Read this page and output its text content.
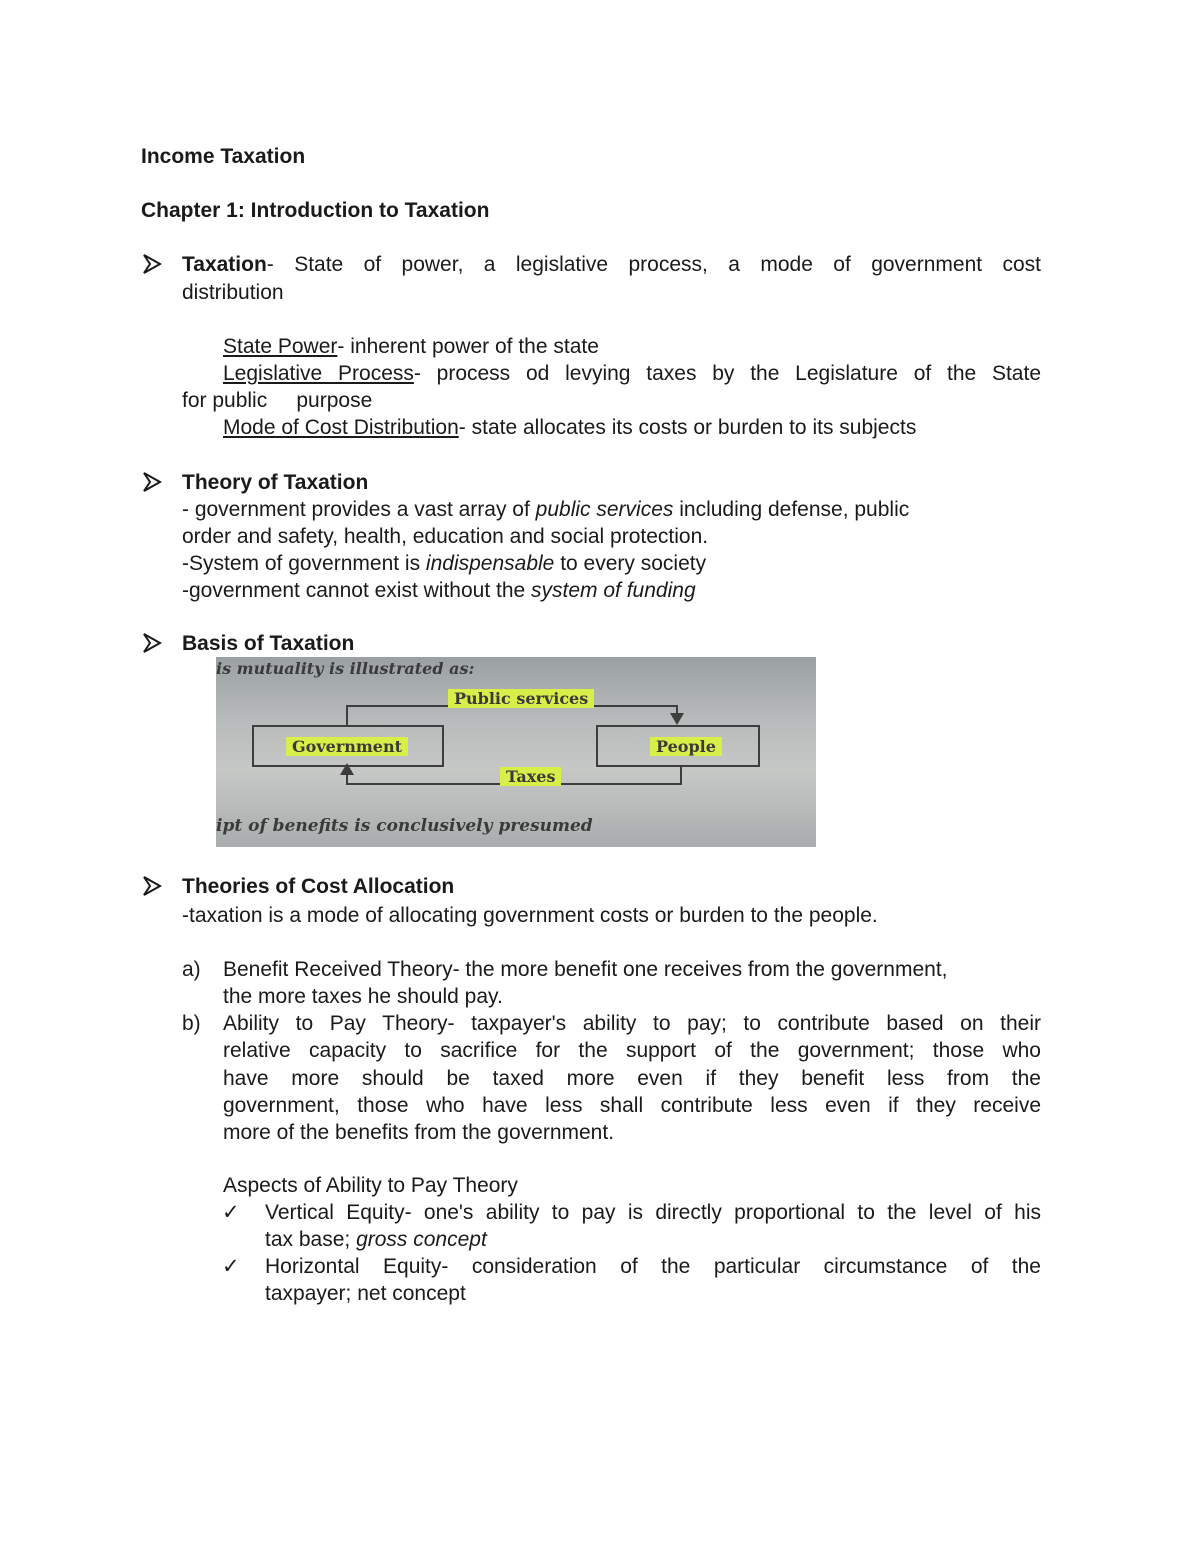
Income Taxation
Chapter 1: Introduction to Taxation
Taxation- State of power, a legislative process, a mode of government cost
distribution
State Power- inherent power of the state
Legislative Process- process od levying taxes by the Legislature of the State
for public     purpose
Mode of Cost Distribution- state allocates its costs or burden to its subjects
Theory of Taxation
- government provides a vast array of public services including defense, public
order and safety, health, education and social protection.
-System of government is indispensable to every society
-government cannot exist without the system of funding
Basis of Taxation
is mutuality is illustrated as:
Public services
Government	People
Taxes
ipt of benefits is conclusively presumed
Theories of Cost Allocation
-taxation is a mode of allocating government costs or burden to the people.
a) Benefit Received Theory- the more benefit one receives from the government,
the more taxes he should pay.
b) Ability to Pay Theory- taxpayer's ability to pay; to contribute based on their
relative capacity to sacrifice for the support of the government; those who
have more should be taxed more even if they benefit less from the
government, those who have less shall contribute less even if they receive
more of the benefits from the government.
Aspects of Ability to Pay Theory
✓ Vertical Equity- one's ability to pay is directly proportional to the level of his
tax base; gross concept
✓ Horizontal Equity- consideration of the particular circumstance of the
taxpayer; net concept
